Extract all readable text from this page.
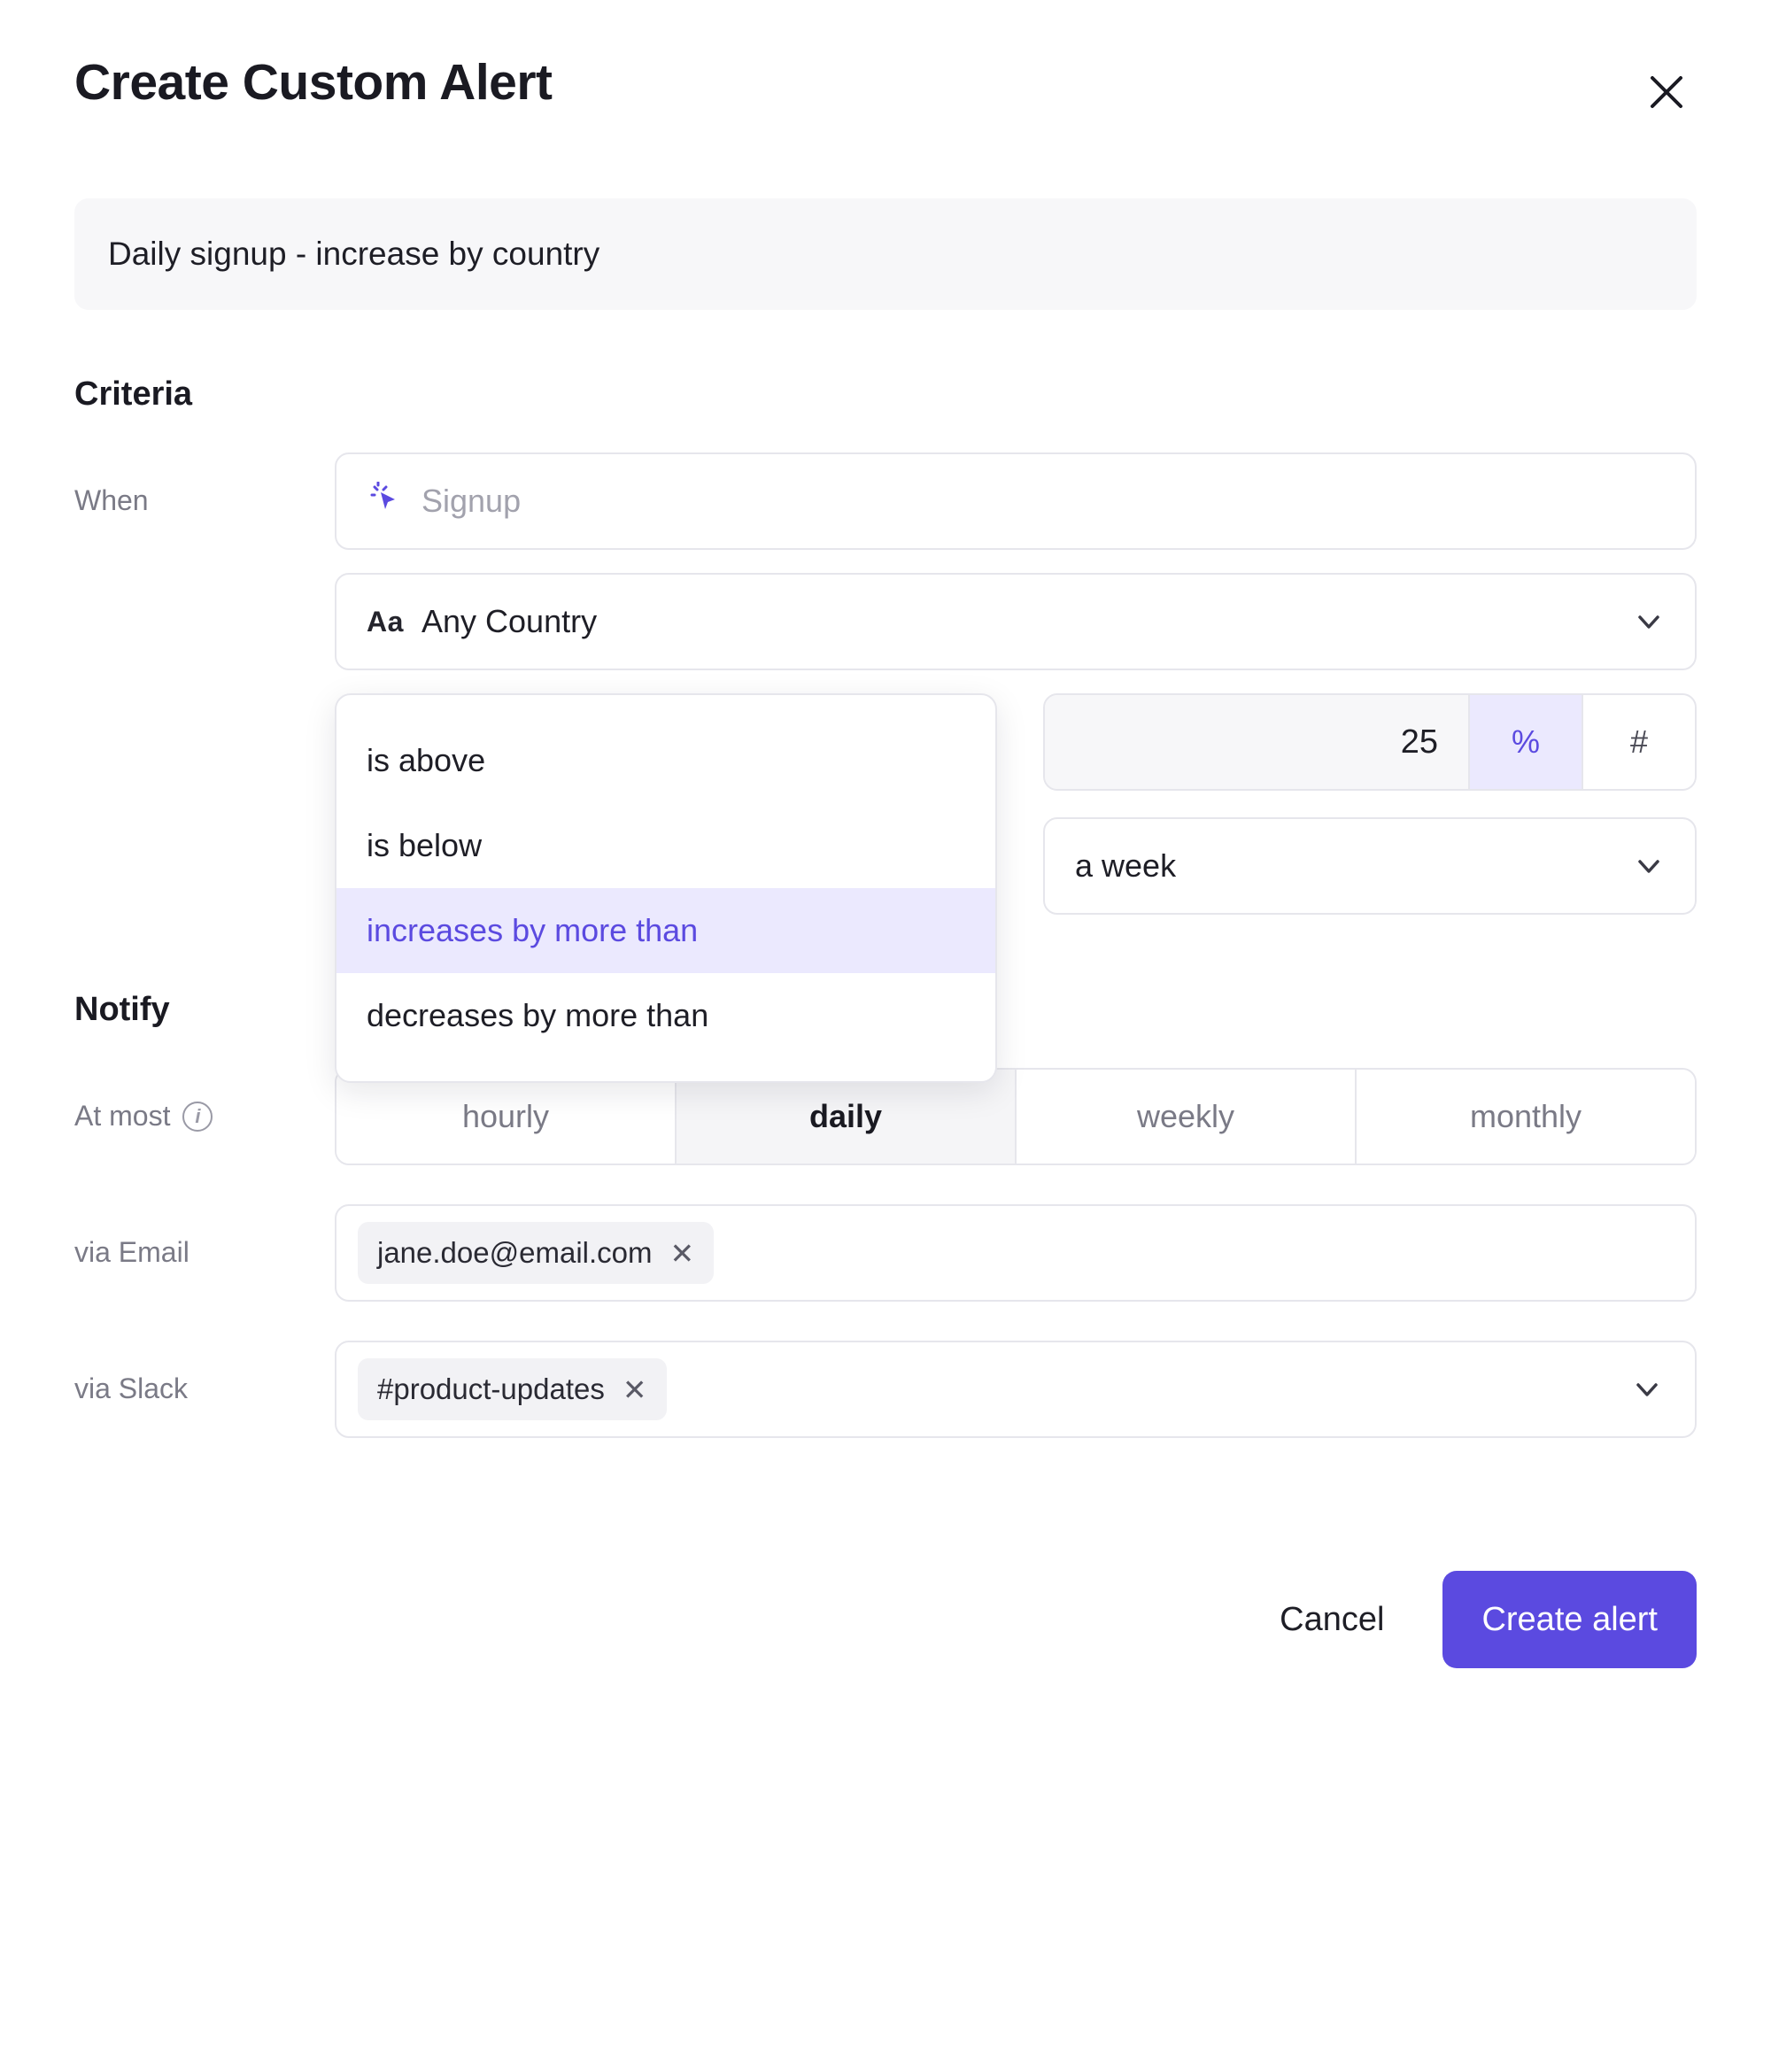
Create Custom Alert
Daily signup - increase by country
Criteria
When	Signup
Aa Any Country
is above
is below
increases by more than
decreases by more than
25	%	#
a week
Notify
At most	i	hourly	daily	weekly	monthly
via Email	jane.doe@email.com ✕
via Slack	#product-updates ✕
Cancel	Create alert
